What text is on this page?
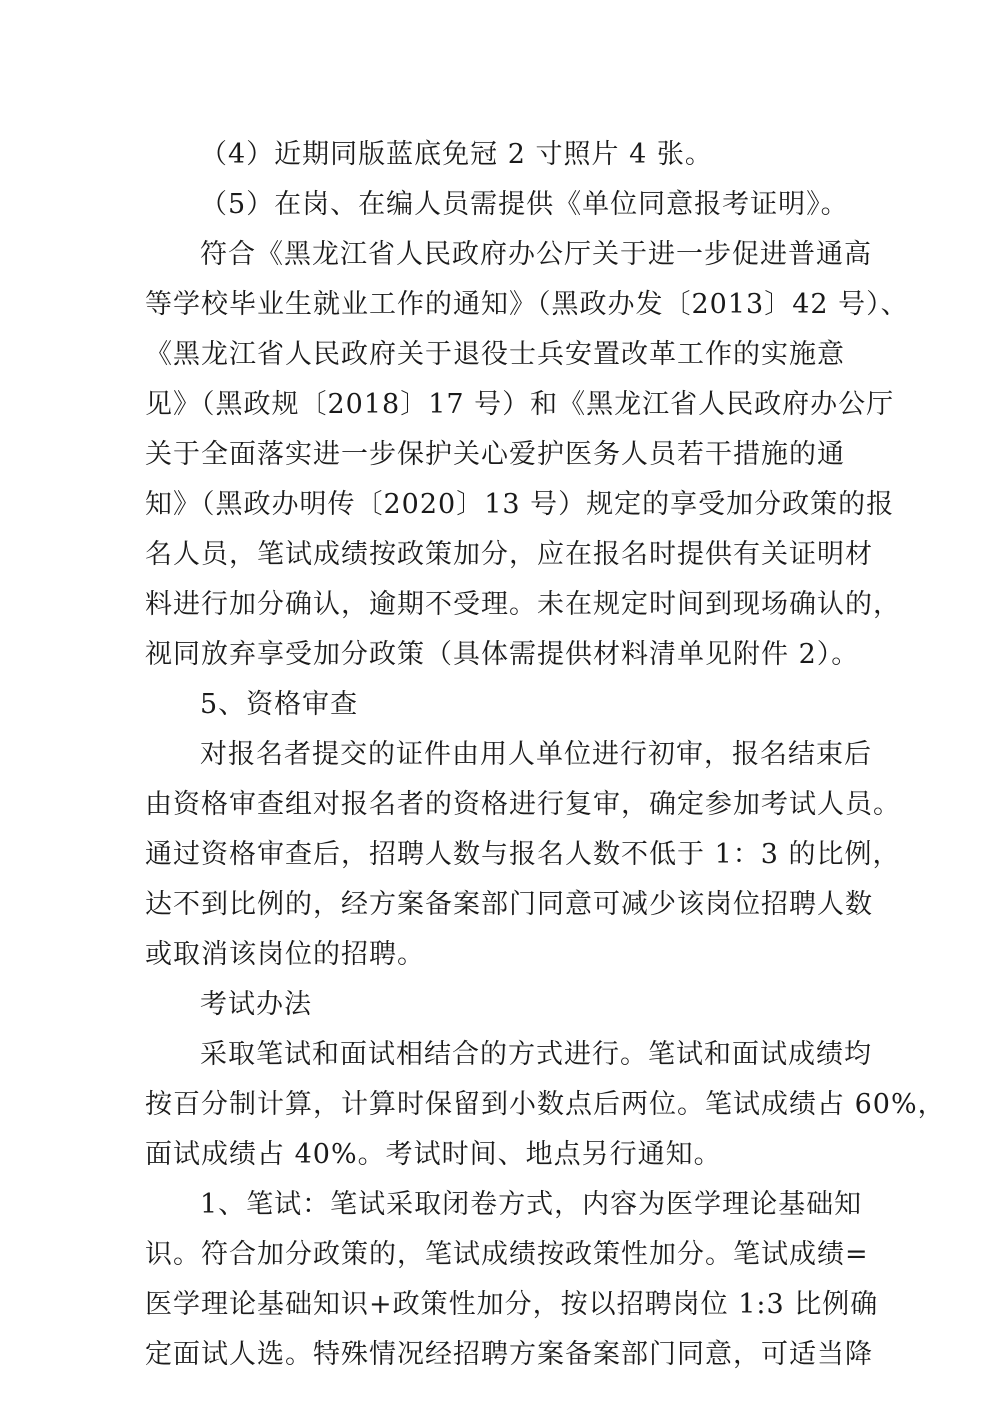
（4）近期同版蓝底免冠 2 寸照片 4 张。
（5）在岗、在编人员需提供《单位同意报考证明》。
符合《黑龙江省人民政府办公厅关于进一步促进普通高
等学校毕业生就业工作的通知》（黑政办发〔2013〕42 号）、
《黑龙江省人民政府关于退役士兵安置改革工作的实施意
见》（黑政规〔2018〕17 号）和《黑龙江省人民政府办公厅
关于全面落实进一步保护关心爱护医务人员若干措施的通
知》（黑政办明传〔2020〕13 号）规定的享受加分政策的报
名人员，笔试成绩按政策加分，应在报名时提供有关证明材
料进行加分确认，逾期不受理。未在规定时间到现场确认的，
视同放弃享受加分政策（具体需提供材料清单见附件 2）。
5、资格审查
对报名者提交的证件由用人单位进行初审，报名结束后
由资格审查组对报名者的资格进行复审，确定参加考试人员。
通过资格审查后，招聘人数与报名人数不低于 1：3 的比例，
达不到比例的，经方案备案部门同意可减少该岗位招聘人数
或取消该岗位的招聘。
考试办法
采取笔试和面试相结合的方式进行。笔试和面试成绩均
按百分制计算，计算时保留到小数点后两位。笔试成绩占 60%，
面试成绩占 40%。考试时间、地点另行通知。
1、笔试：笔试采取闭卷方式，内容为医学理论基础知
识。符合加分政策的，笔试成绩按政策性加分。笔试成绩=
医学理论基础知识+政策性加分，按以招聘岗位 1:3 比例确
定面试人选。特殊情况经招聘方案备案部门同意，可适当降
